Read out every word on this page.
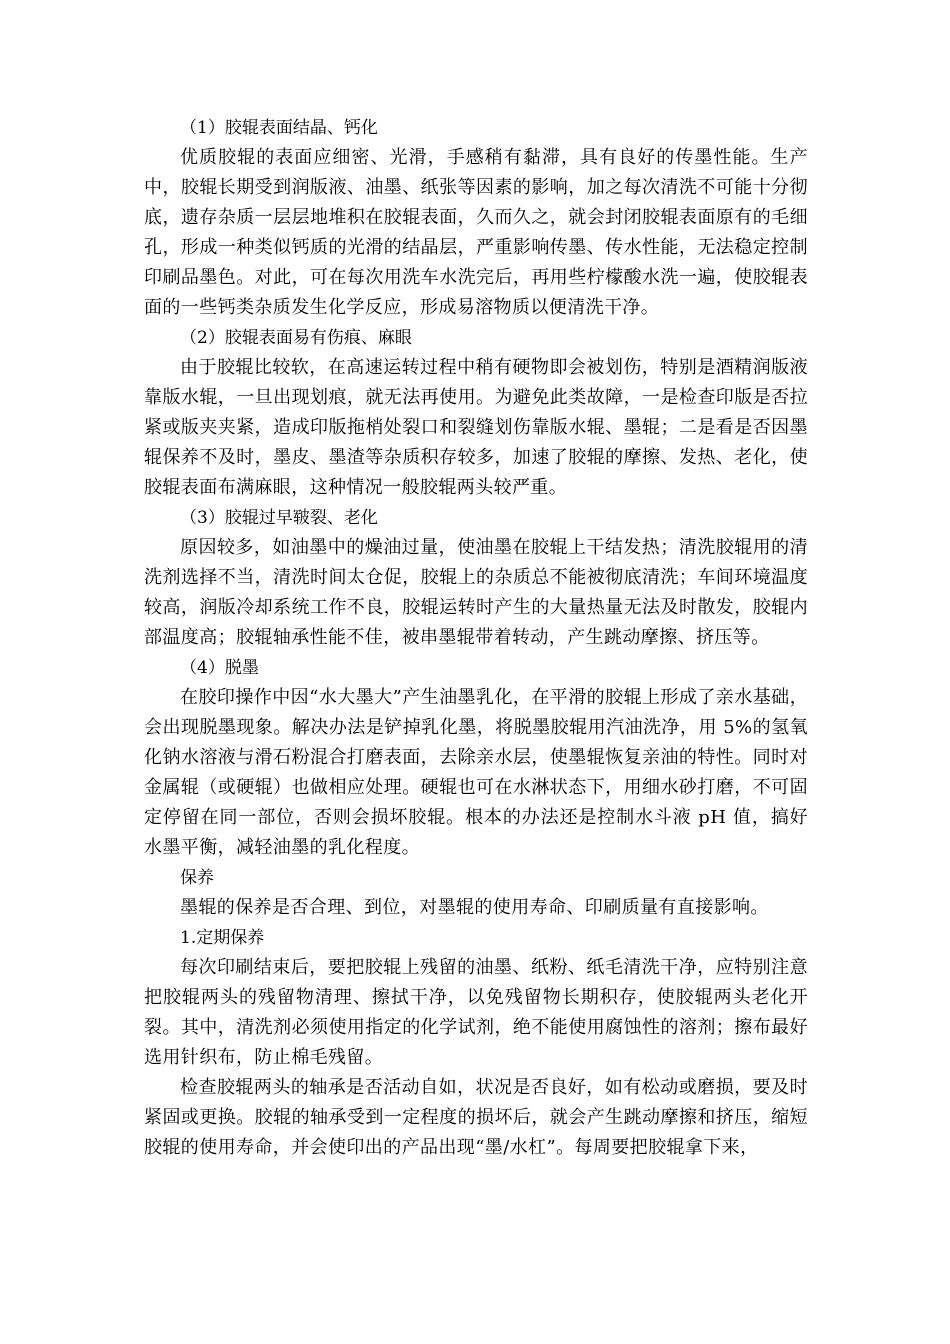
（1）胶辊表面结晶、钙化

优质胶辊的表面应细密、光滑，手感稍有黏滞，具有良好的传墨性能。生产中，胶辊长期受到润版液、油墨、纸张等因素的影响，加之每次清洗不可能十分彻底，遗存杂质一层层地堆积在胶辊表面，久而久之，就会封闭胶辊表面原有的毛细孔，形成一种类似钙质的光滑的结晶层，严重影响传墨、传水性能，无法稳定控制印刷品墨色。对此，可在每次用洗车水洗完后，再用些柠檬酸水洗一遍，使胶辊表面的一些钙类杂质发生化学反应，形成易溶物质以便清洗干净。

（2）胶辊表面易有伤痕、麻眼

由于胶辊比较软，在高速运转过程中稍有硬物即会被划伤，特别是酒精润版液靠版水辊，一旦出现划痕，就无法再使用。为避免此类故障，一是检查印版是否拉紧或版夹夹紧，造成印版拖梢处裂口和裂缝划伤靠版水辊、墨辊；二是看是否因墨辊保养不及时，墨皮、墨渣等杂质积存较多，加速了胶辊的摩擦、发热、老化，使胶辊表面布满麻眼，这种情况一般胶辊两头较严重。

（3）胶辊过早皲裂、老化

原因较多，如油墨中的燥油过量，使油墨在胶辊上干结发热；清洗胶辊用的清洗剂选择不当，清洗时间太仓促，胶辊上的杂质总不能被彻底清洗；车间环境温度较高，润版冷却系统工作不良，胶辊运转时产生的大量热量无法及时散发，胶辊内部温度高；胶辊轴承性能不佳，被串墨辊带着转动，产生跳动摩擦、挤压等。

（4）脱墨

在胶印操作中因“水大墨大”产生油墨乳化，在平滑的胶辊上形成了亲水基础，会出现脱墨现象。解决办法是铲掉乳化墨，将脱墨胶辊用汽油洗净，用 5%的氢氧化钠水溶液与滑石粉混合打磨表面，去除亲水层，使墨辊恢复亲油的特性。同时对金属辊（或硬辊）也做相应处理。硬辊也可在水淋状态下，用细水砂打磨，不可固定停留在同一部位，否则会损坏胶辊。根本的办法还是控制水斗液 pH 值，搞好水墨平衡，减轻油墨的乳化程度。

保养

墨辊的保养是否合理、到位，对墨辊的使用寿命、印刷质量有直接影响。

1.定期保养

每次印刷结束后，要把胶辊上残留的油墨、纸粉、纸毛清洗干净，应特别注意把胶辊两头的残留物清理、擦拭干净，以免残留物长期积存，使胶辊两头老化开裂。其中，清洗剂必须使用指定的化学试剂，绝不能使用腐蚀性的溶剂；擦布最好选用针织布，防止棉毛残留。

检查胶辊两头的轴承是否活动自如，状况是否良好，如有松动或磨损，要及时紧固或更换。胶辊的轴承受到一定程度的损坏后，就会产生跳动摩擦和挤压，缩短胶辊的使用寿命，并会使印出的产品出现“墨/水杠”。每周要把胶辊拿下来，
